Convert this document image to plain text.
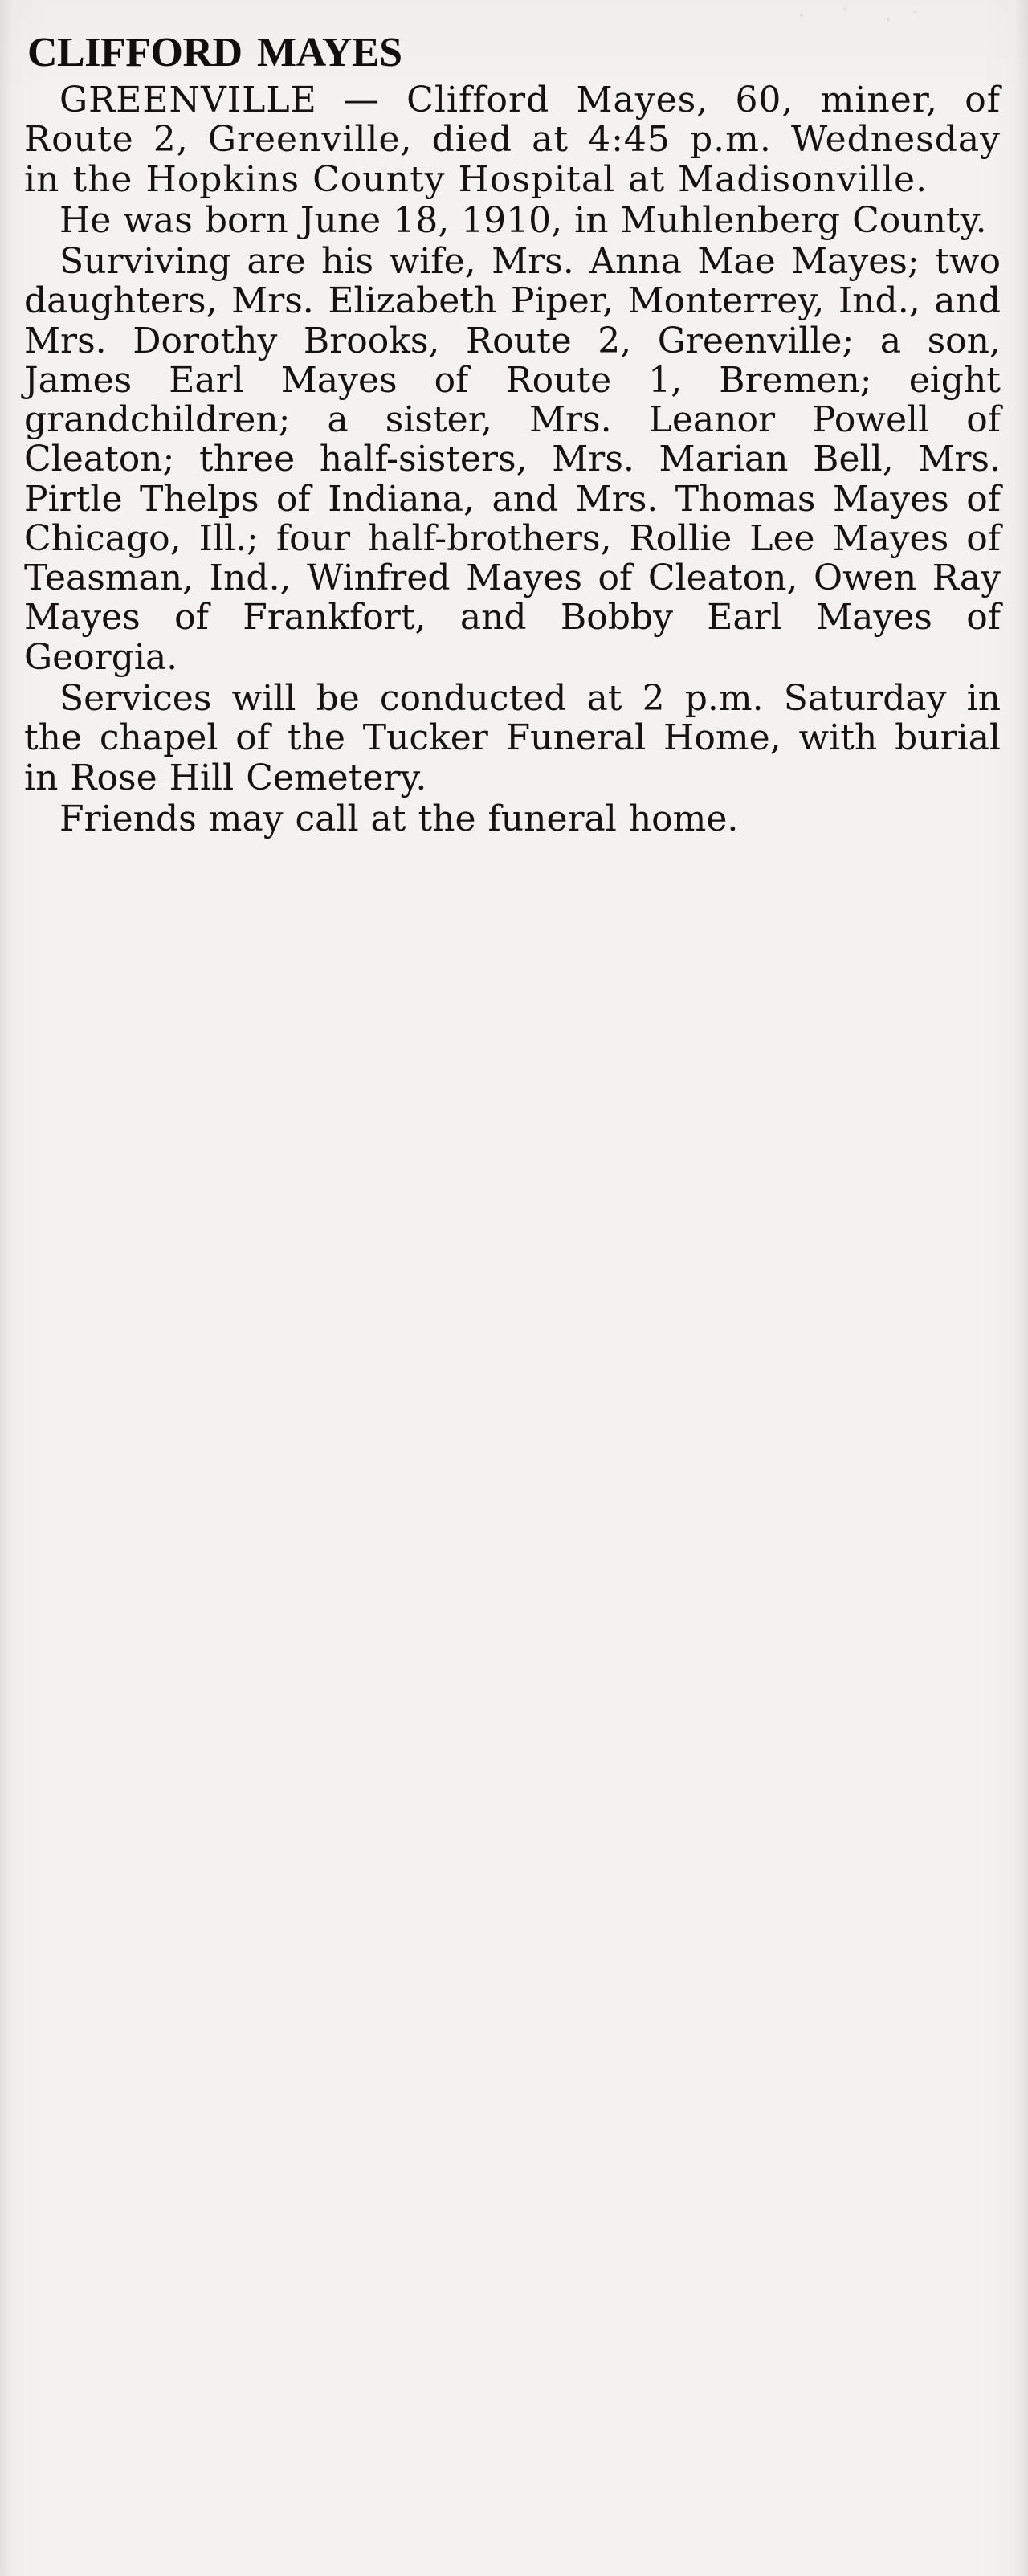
CLIFFORD MAYES

GREENVILLE — Clifford Mayes, 60, miner, of Route 2, Greenville, died at 4:45 p.m. Wednesday in the Hopkins County Hospital at Madisonville.

He was born June 18, 1910, in Muhlenberg County.

Surviving are his wife, Mrs. Anna Mae Mayes; two daughters, Mrs. Elizabeth Piper, Monterrey, Ind., and Mrs. Dorothy Brooks, Route 2, Greenville; a son, James Earl Mayes of Route 1, Bremen; eight grandchildren; a sister, Mrs. Leanor Powell of Cleaton; three half-sisters, Mrs. Marian Bell, Mrs. Pirtle Thelps of Indiana, and Mrs. Thomas Mayes of Chicago, Ill.; four half-brothers, Rollie Lee Mayes of Teasman, Ind., Winfred Mayes of Cleaton, Owen Ray Mayes of Frankfort, and Bobby Earl Mayes of Georgia.

Services will be conducted at 2 p.m. Saturday in the chapel of the Tucker Funeral Home, with burial in Rose Hill Cemetery.

Friends may call at the funeral home.
